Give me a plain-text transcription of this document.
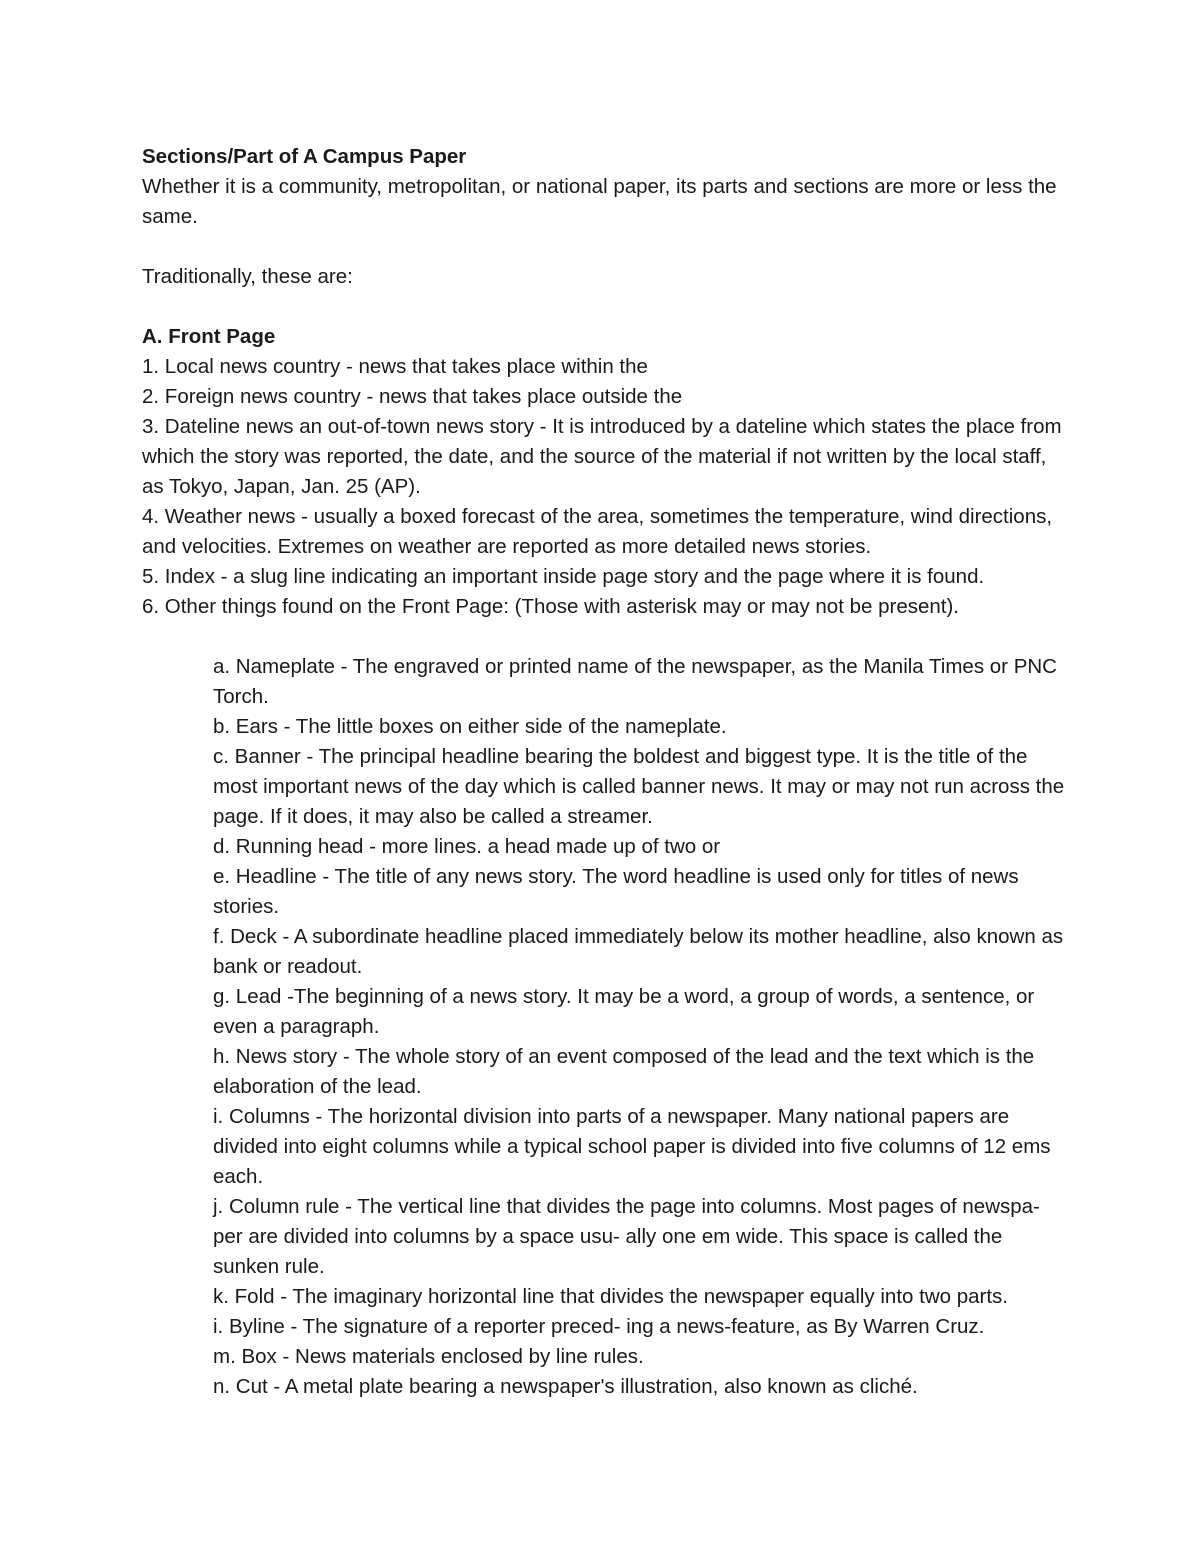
Sections/Part of A Campus Paper

Whether it is a community, metropolitan, or national paper, its parts and sections are more or less the same.

Traditionally, these are:

A. Front Page

1. Local news country - news that takes place within the

2. Foreign news country - news that takes place outside the

3. Dateline news an out-of-town news story - It is introduced by a dateline which states the place from which the story was reported, the date, and the source of the material if not written by the local staff, as Tokyo, Japan, Jan. 25 (AP).

4. Weather news - usually a boxed forecast of the area, sometimes the temperature, wind directions, and velocities. Extremes on weather are reported as more detailed news stories.

5. Index - a slug line indicating an important inside page story and the page where it is found.

6. Other things found on the Front Page: (Those with asterisk may or may not be present).

a. Nameplate - The engraved or printed name of the newspaper, as the Manila Times or PNC Torch.

b. Ears - The little boxes on either side of the nameplate.

c. Banner - The principal headline bearing the boldest and biggest type. It is the title of the most important news of the day which is called banner news. It may or may not run across the page. If it does, it may also be called a streamer.

d. Running head - more lines. a head made up of two or

e. Headline - The title of any news story. The word headline is used only for titles of news stories.

f. Deck - A subordinate headline placed immediately below its mother headline, also known as bank or readout.

g. Lead -The beginning of a news story. It may be a word, a group of words, a sentence, or even a paragraph.

h. News story - The whole story of an event composed of the lead and the text which is the elaboration of the lead.

i. Columns - The horizontal division into parts of a newspaper. Many national papers are divided into eight columns while a typical school paper is divided into five columns of 12 ems each.

j. Column rule - The vertical line that divides the page into columns. Most pages of newspa- per are divided into columns by a space usu- ally one em wide. This space is called the sunken rule.

k. Fold - The imaginary horizontal line that divides the newspaper equally into two parts.

i. Byline - The signature of a reporter preced- ing a news-feature, as By Warren Cruz.

m. Box - News materials enclosed by line rules.

n. Cut - A metal plate bearing a newspaper's illustration, also known as cliché.
